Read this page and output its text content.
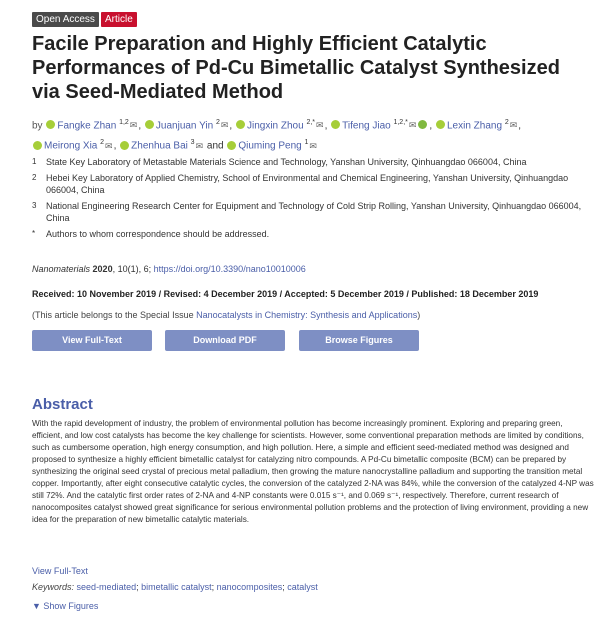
Open Access	Article
Facile Preparation and Highly Efficient Catalytic
Performances of Pd-Cu Bimetallic Catalyst Synthesized
via Seed-Mediated Method
by Fangke Zhan $^{1,2}$✉, Juanjuan Yin $^2$✉, Jingxin Zhou $^{2,*}$✉, Tifeng Jiao $^{1,2,*}$✉ , Lexin Zhang $^2$✉,
Meirong Xia $^2$✉, Zhenhua Bai $^3$✉ and Qiuming Peng $^1$✉
1	State Key Laboratory of Metastable Materials Science and Technology, Yanshan University, Qinhuangdao 066004, China
2	Hebei Key Laboratory of Applied Chemistry, School of Environmental and Chemical Engineering, Yanshan University, Qinhuangdao 066004, China
3	National Engineering Research Center for Equipment and Technology of Cold Strip Rolling, Yanshan University, Qinhuangdao 066004, China
*	Authors to whom correspondence should be addressed.
Nanomaterials 2020, 10(1), 6; https://doi.org/10.3390/nano10010006
Received: 10 November 2019 / Revised: 4 December 2019 / Accepted: 5 December 2019 / Published: 18 December 2019
(This article belongs to the Special Issue Nanocatalysts in Chemistry: Synthesis and Applications)
View Full-Text	Download PDF	Browse Figures
Abstract
With the rapid development of industry, the problem of environmental pollution has become increasingly prominent. Exploring and preparing green, efficient, and low cost catalysts has become the key challenge for scientists. However, some conventional preparation methods are limited by conditions, such as cumbersome operation, high energy consumption, and high pollution. Here, a simple and efficient seed-mediated method was designed and proposed to synthesize a highly efficient bimetallic catalyst for catalyzing nitro compounds. A Pd-Cu bimetallic composite (BCM) can be prepared by synthesizing the original seed crystal of precious metal palladium, then growing the mature nanocrystalline palladium and supporting the transition metal copper. Importantly, after eight consecutive catalytic cycles, the conversion of the catalyzed 2-NA was 84%, while the conversion of the catalyzed 4-NP was still 72%. And the catalytic first order rates of 2-NA and 4-NP constants were 0.015 s⁻¹, and 0.069 s⁻¹, respectively. Therefore, current research of nanocomposites catalyst showed great significance for serious environmental pollution problems and the protection of living environment, providing a new idea for the preparation of new bimetallic catalytic materials.
View Full-Text
Keywords: seed-mediated; bimetallic catalyst; nanocomposites; catalyst
▼ Show Figures
